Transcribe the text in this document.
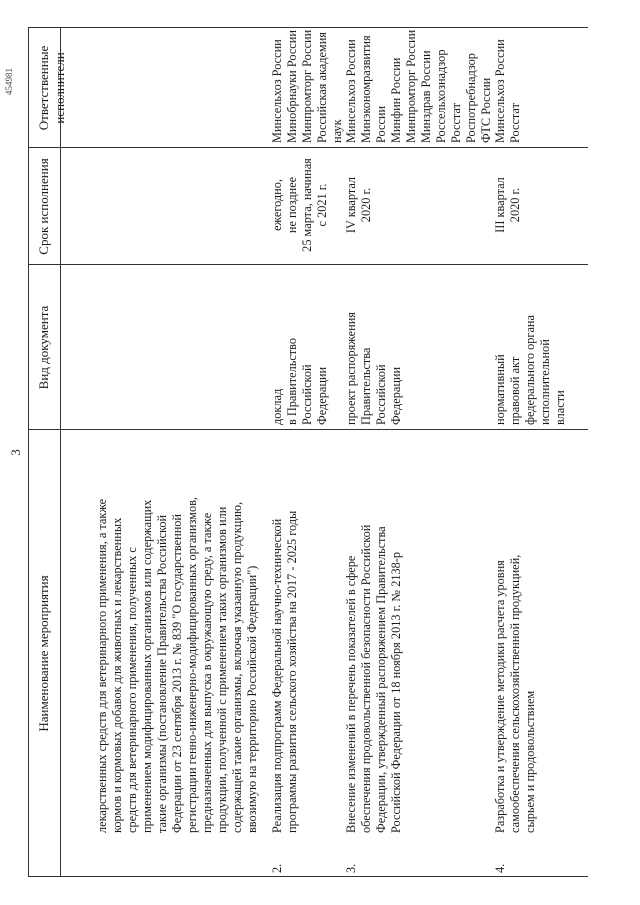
3
454981
Наименование мероприятия
Вид документа
Срок исполнения
Ответственные исполнители
лекарственных средств для ветеринарного применения, а также
кормов и кормовых добавок для животных и лекарственных
средств для ветеринарного применения, полученных с
применением модифицированных организмов или содержащих
такие организмы (постановление Правительства Российской
Федерации от 23 сентября 2013 г. № 839 "О государственной
регистрации генно-инженерно-модифицированных организмов,
предназначенных для выпуска в окружающую среду, а также
продукции, полученной с применением таких организмов или
содержащей такие организмы, включая указанную продукцию,
ввозимую на территорию Российской Федерации")
2.
Реализация подпрограмм Федеральной научно-технической
программы развития сельского хозяйства на 2017 - 2025 годы
доклад
в Правительство
Российской
Федерации
ежегодно,
не позднее
25 марта, начиная
с 2021 г.
Минсельхоз России
Минобрнауки России
Минпромторг России
Российская академия наук
3.
Внесение изменений в перечень показателей в сфере
обеспечения продовольственной безопасности Российской
Федерации, утвержденный распоряжением Правительства
Российской Федерации от 18 ноября 2013 г. № 2138-р
проект распоряжения
Правительства
Российской
Федерации
IV квартал
2020 г.
Минсельхоз России
Минэкономразвития России
Минфин России
Минпромторг России
Минздрав России
Россельхознадзор
Росстат
Роспотребнадзор
ФТС России
4.
Разработка и утверждение методики расчета уровня
самообеспечения сельскохозяйственной продукцией,
сырьем и продовольствием
нормативный
правовой акт
федерального органа
исполнительной
власти
III квартал
2020 г.
Минсельхоз России
Росстат
